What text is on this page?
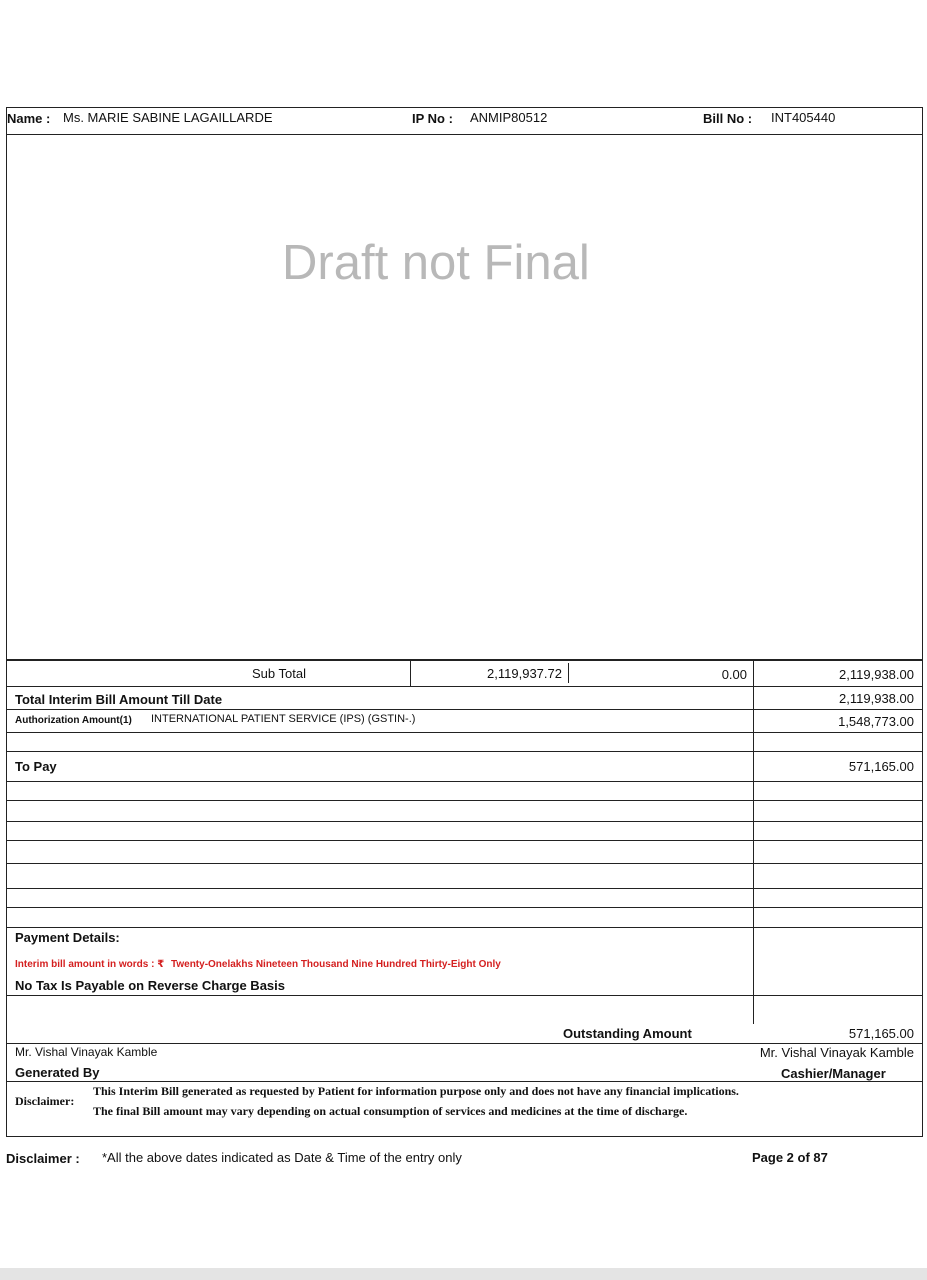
Name : Ms. MARIE SABINE LAGAILLARDE	IP No : ANMIP80512	Bill No : INT405440
Draft not Final
Sub Total	2,119,937.72	0.00	2,119,938.00
Total Interim Bill Amount Till Date	2,119,938.00
Authorization Amount(1) INTERNATIONAL PATIENT SERVICE (IPS) (GSTIN-.)	1,548,773.00
To Pay	571,165.00
Payment Details:
Interim bill amount in words : ₹ Twenty-Onelakhs Nineteen Thousand Nine Hundred Thirty-Eight Only
No Tax Is Payable on Reverse Charge Basis
Outstanding Amount	571,165.00
Mr. Vishal Vinayak Kamble
Generated By
Mr. Vishal Vinayak Kamble
Cashier/Manager
Disclaimer:
This Interim Bill generated as requested by Patient for information purpose only and does not have any financial implications.
The final Bill amount may vary depending on actual consumption of services and medicines at the time of discharge.
Disclaimer : *All the above dates indicated as Date & Time of the entry only	Page 2 of 87
